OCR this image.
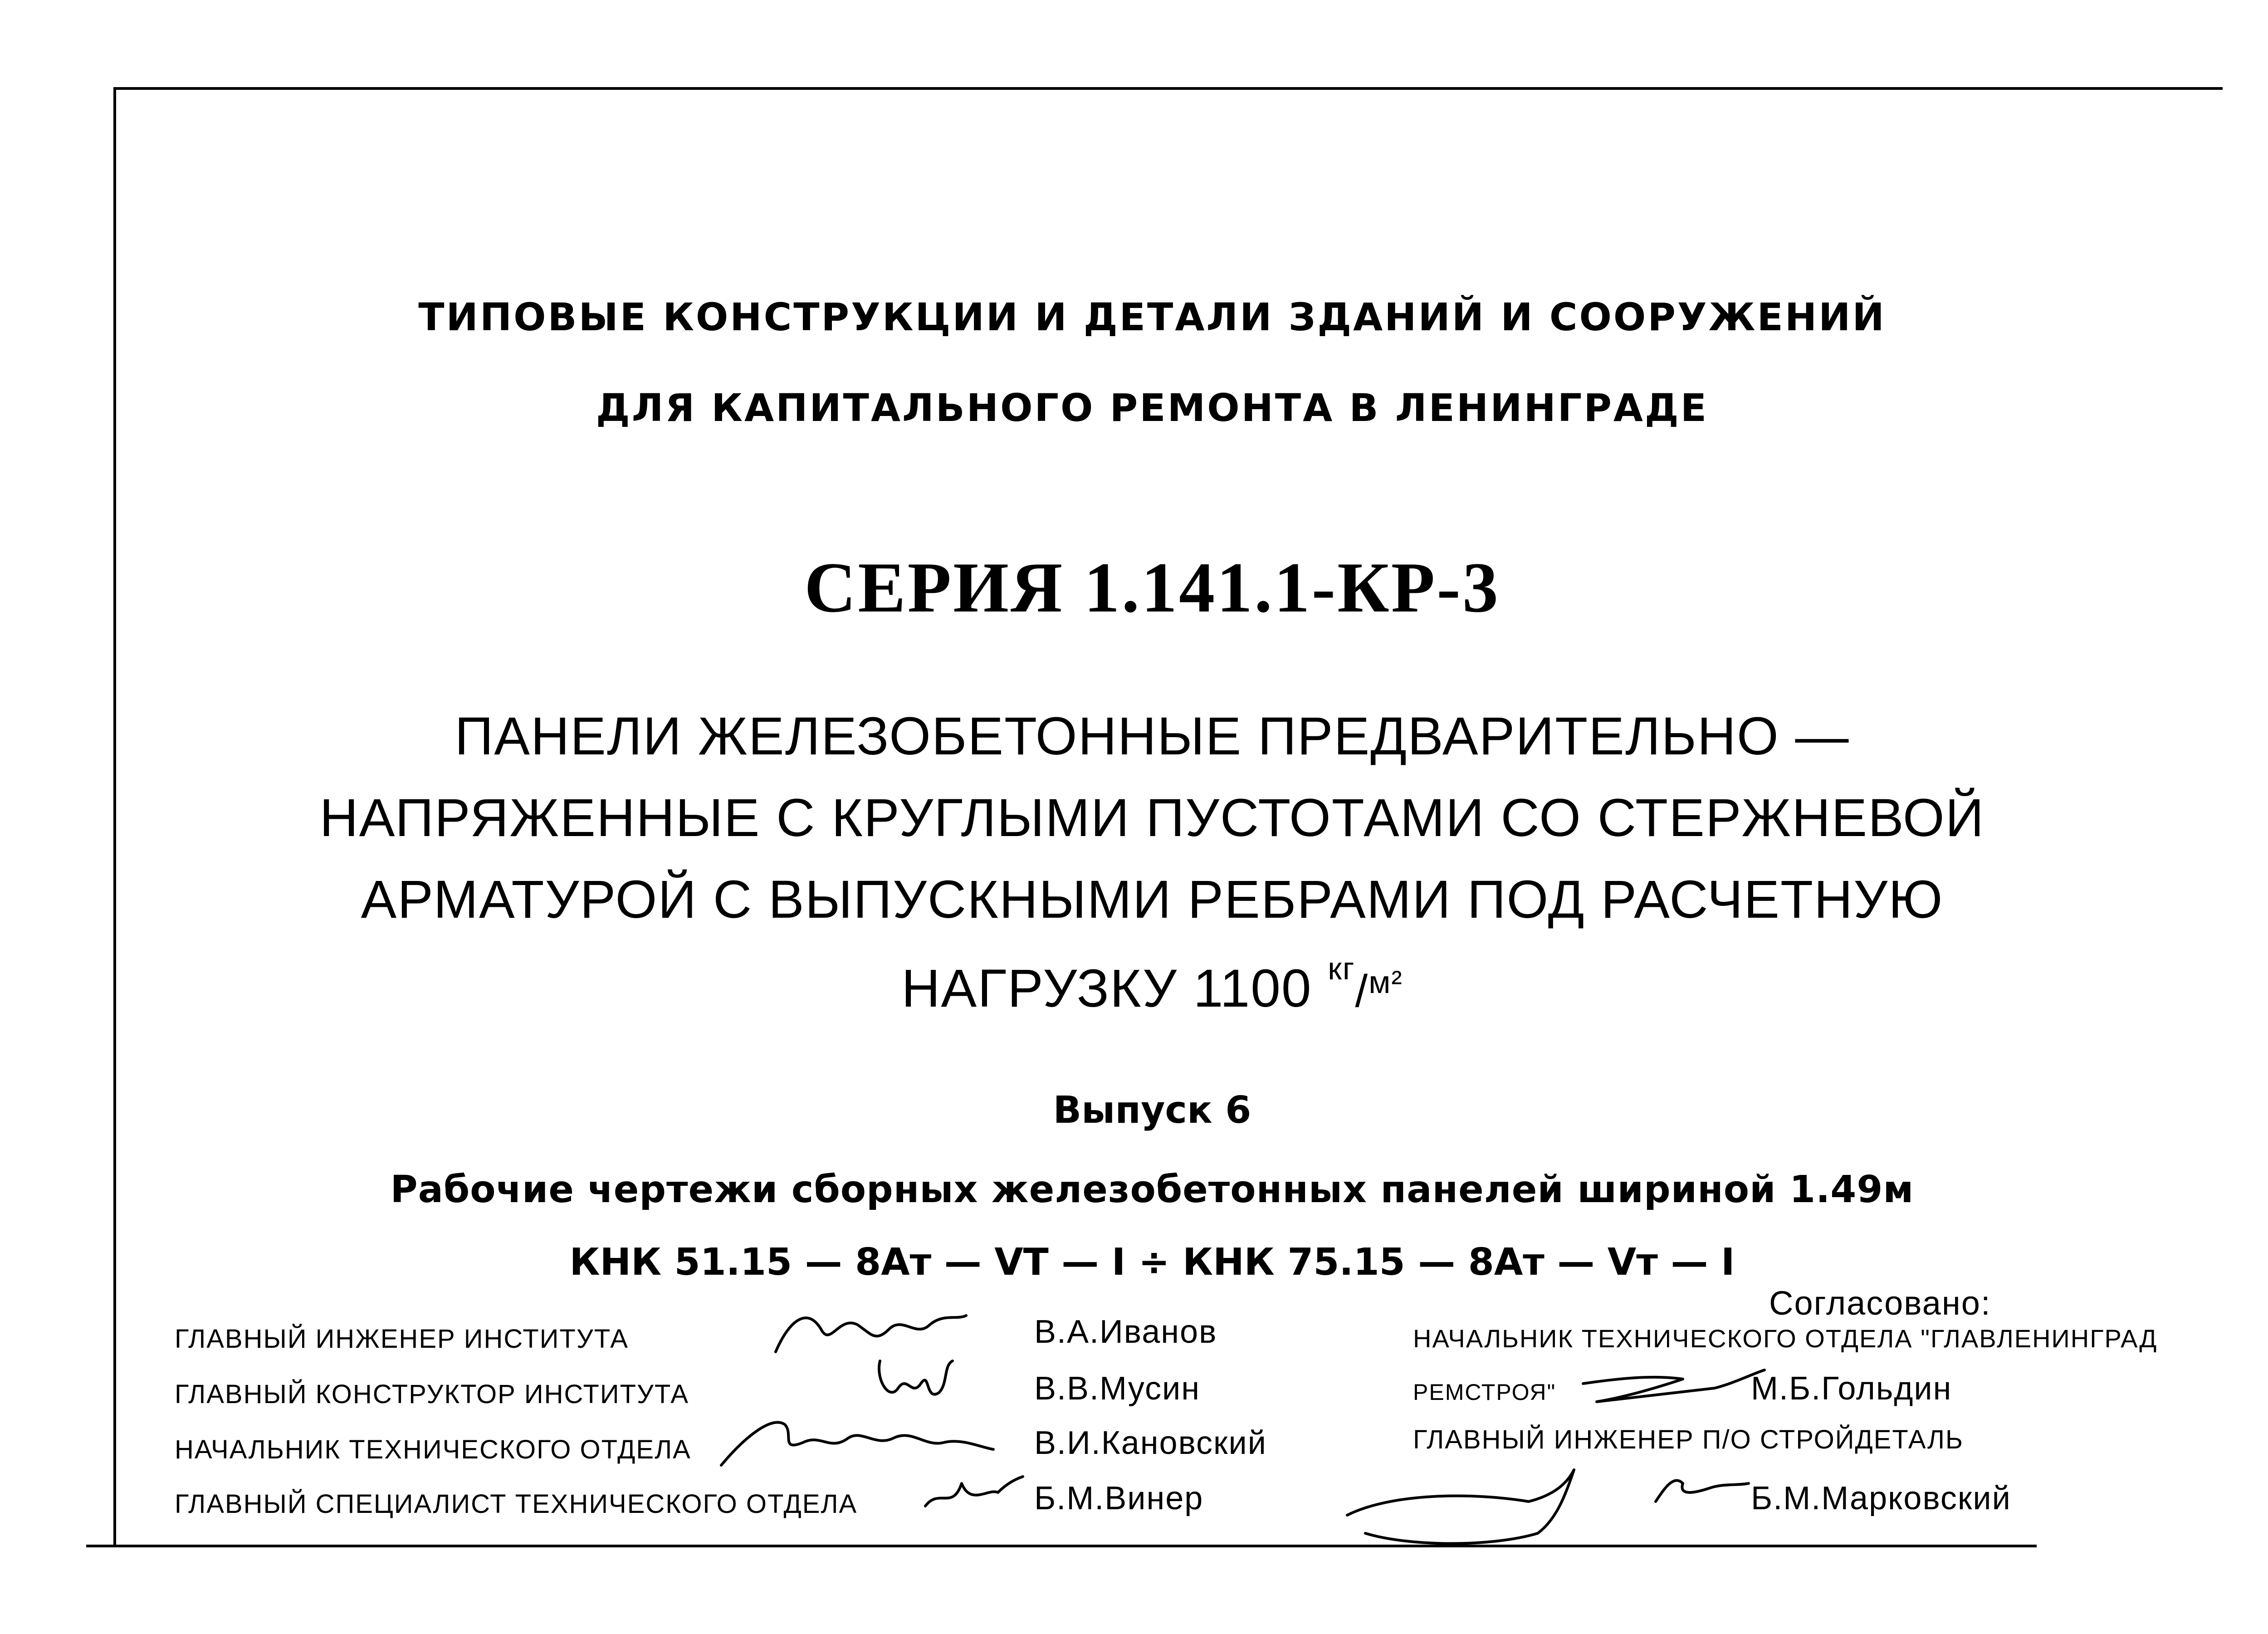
ТИПОВЫЕ КОНСТРУКЦИИ И ДЕТАЛИ ЗДАНИЙ И СООРУЖЕНИЙ
ДЛЯ КАПИТАЛЬНОГО РЕМОНТА В ЛЕНИНГРАДЕ
СЕРИЯ 1.141.1-КР-3
ПАНЕЛИ ЖЕЛЕЗОБЕТОННЫЕ ПРЕДВАРИТЕЛЬНО —
НАПРЯЖЕННЫЕ С КРУГЛЫМИ ПУСТОТАМИ СО СТЕРЖНЕВОЙ
АРМАТУРОЙ С ВЫПУСКНЫМИ РЕБРАМИ ПОД РАСЧЕТНУЮ
НАГРУЗКУ 1100 $^{кг}$/$^{м^2}$
Выпуск 6
Рабочие чертежи сборных железобетонных панелей шириной 1.49м
КНК 51.15 — 8Ат — VТ — I ÷ КНК 75.15 — 8Ат — Vт — I
ГЛАВНЫЙ ИНЖЕНЕР ИНСТИТУТА	В.А.Иванов
ГЛАВНЫЙ КОНСТРУКТОР ИНСТИТУТА	В.В.Мусин
НАЧАЛЬНИК ТЕХНИЧЕСКОГО ОТДЕЛА	В.И.Кановский
ГЛАВНЫЙ СПЕЦИАЛИСТ ТЕХНИЧЕСКОГО ОТДЕЛА	Б.М.Винер
Согласовано:
НАЧАЛЬНИК ТЕХНИЧЕСКОГО ОТДЕЛА "ГЛАВЛЕНИНГРАД
РЕМСТРОЯ"	М.Б.Гольдин
ГЛАВНЫЙ ИНЖЕНЕР П/О СТРОЙДЕТАЛЬ
Б.М.Марковский
